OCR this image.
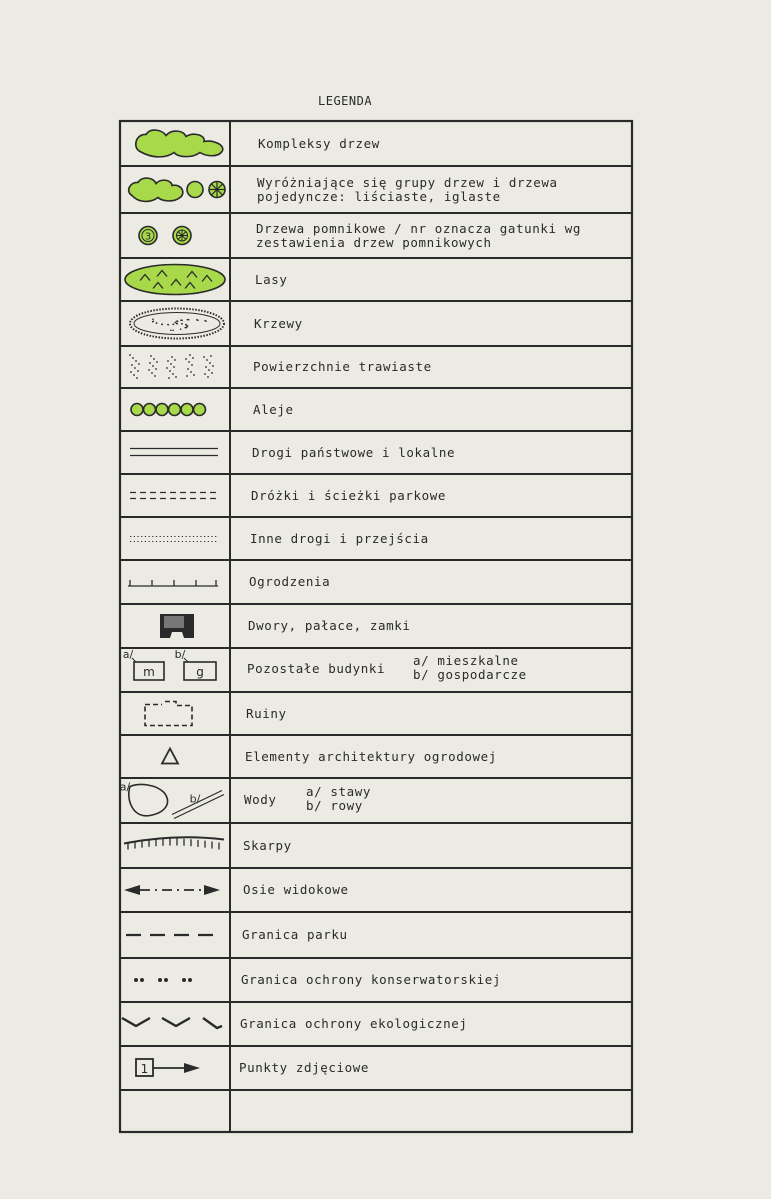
LEGENDA
3
a/	b/
m	g
a/
b/
1
Kompleksy drzew
Wyróżniające się grupy drzew i drzewa
pojedyncze: liściaste, iglaste
Drzewa pomnikowe / nr oznacza gatunki wg
zestawienia drzew pomnikowych
Lasy
Krzewy
Powierzchnie trawiaste
Aleje
Drogi państwowe i lokalne
Dróżki i ścieżki parkowe
Inne drogi i przejścia
Ogrodzenia
Dwory, pałace, zamki
Pozostałe budynki
a/ mieszkalne
b/ gospodarcze
Ruiny
Elementy architektury ogrodowej
Wody
a/ stawy
b/ rowy
Skarpy
Osie widokowe
Granica parku
Granica ochrony konserwatorskiej
Granica ochrony ekologicznej
Punkty zdjęciowe
